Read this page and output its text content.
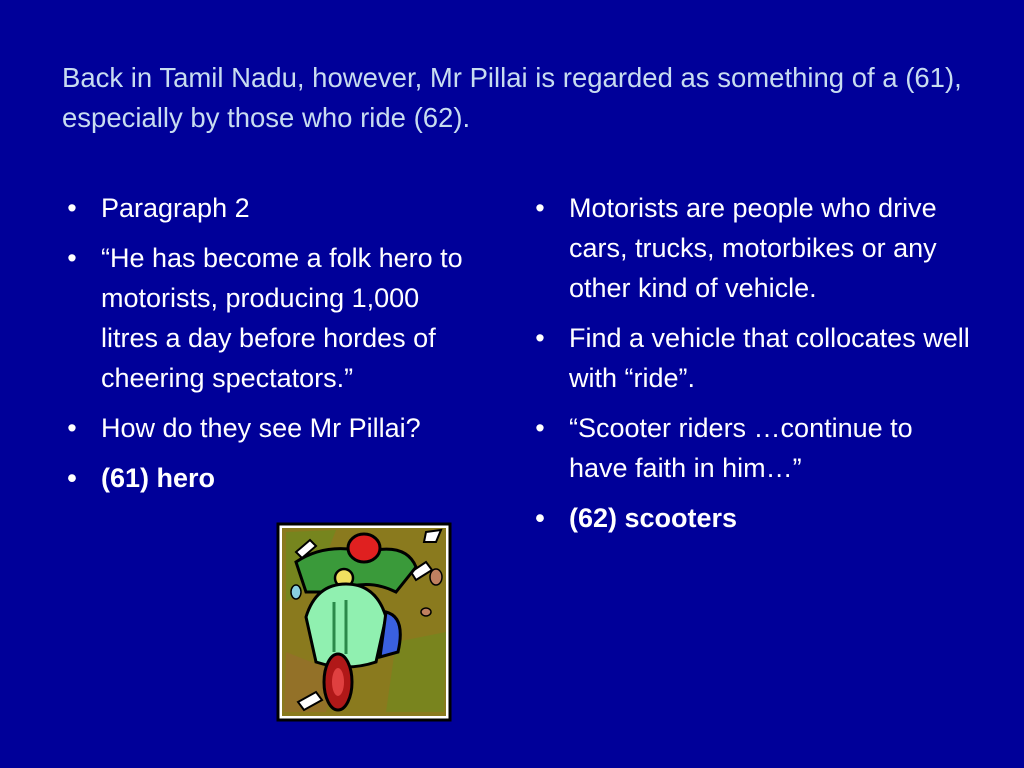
Back in Tamil Nadu, however, Mr Pillai is regarded as something of a (61), especially by those who ride (62).
• Paragraph 2
• “He has become a folk hero to motorists, producing 1,000 litres a day before hordes of cheering spectators.”
• How do they see Mr Pillai?
• (61) hero
• Motorists are people who drive cars, trucks, motorbikes or any other kind of vehicle.
• Find a vehicle that collocates well with “ride”.
• “Scooter riders …continue to have faith in him…”
• (62) scooters
